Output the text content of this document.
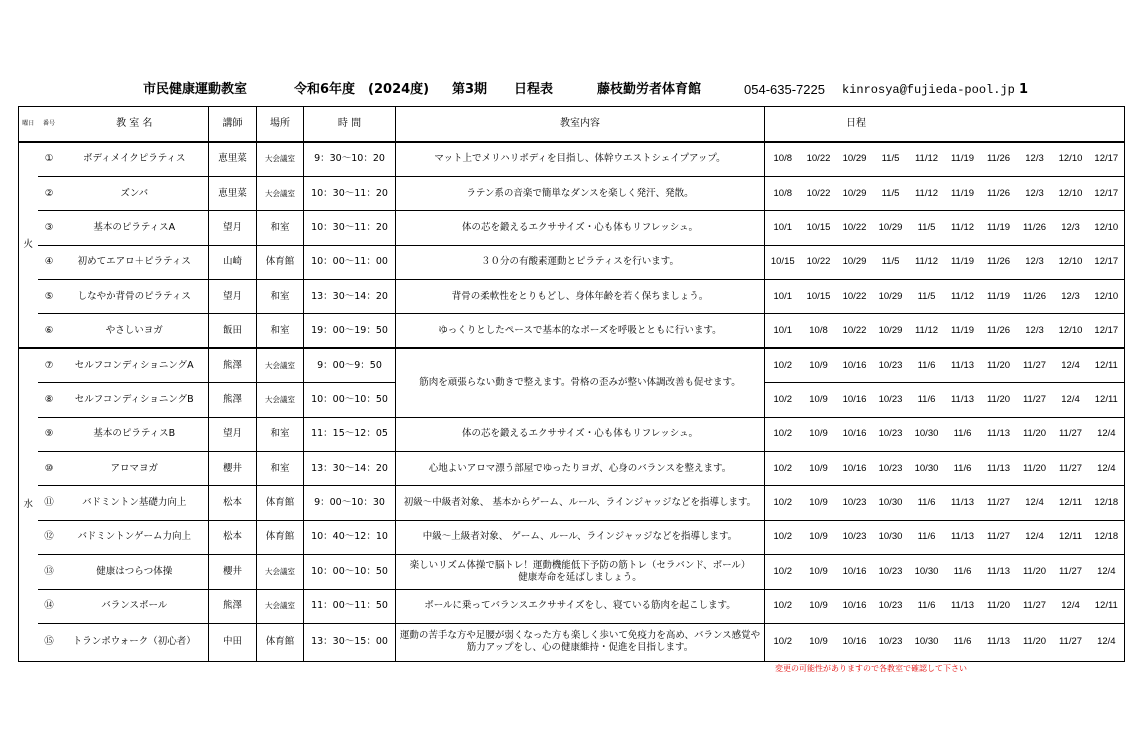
市民健康運動教室	令和6年度　(2024度) 第3期 日程表	藤枝勤労者体育館	054-635-7225 kinrosya@fujieda-pool.jp 1
曜日	番号	教 室 名	講師	場所	時 間	教室内容	日程									
火	①	ボディメイクピラティス	恵里菜	大会議室	9：30～10：20	マット上でメリハリボディを目指し、体幹ウエストシェイプアップ。	10/8	10/22	10/29	11/5	11/12	11/19	11/26	12/3	12/10	12/17
	②	ズンバ	恵里菜	大会議室	10：30～11：20	ラテン系の音楽で簡単なダンスを楽しく発汗、発散。	10/8	10/22	10/29	11/5	11/12	11/19	11/26	12/3	12/10	12/17
	③	基本のピラティスA	望月	和室	10：30～11：20	体の芯を鍛えるエクササイズ・心も体もリフレッシュ。	10/1	10/15	10/22	10/29	11/5	11/12	11/19	11/26	12/3	12/10
	④	初めてエアロ＋ピラティス	山崎	体育館	10：00～11：00	３０分の有酸素運動とピラティスを行います。	10/15	10/22	10/29	11/5	11/12	11/19	11/26	12/3	12/10	12/17
	⑤	しなやか背骨のピラティス	望月	和室	13：30～14：20	背骨の柔軟性をとりもどし、身体年齢を若く保ちましょう。	10/1	10/15	10/22	10/29	11/5	11/12	11/19	11/26	12/3	12/10
	⑥	やさしいヨガ	飯田	和室	19：00～19：50	ゆっくりとしたペースで基本的なポーズを呼吸とともに行います。	10/1	10/8	10/22	10/29	11/12	11/19	11/26	12/3	12/10	12/17
水	⑦	セルフコンディショニングA	熊澤	大会議室	9：00～9：50	筋肉を頑張らない動きで整えます。骨格の歪みが整い体調改善も促せます。	10/2	10/9	10/16	10/23	11/6	11/13	11/20	11/27	12/4	12/11
	⑧	セルフコンディショニングB	熊澤	大会議室	10：00～10：50		10/2	10/9	10/16	10/23	11/6	11/13	11/20	11/27	12/4	12/11
	⑨	基本のピラティスB	望月	和室	11：15～12：05	体の芯を鍛えるエクササイズ・心も体もリフレッシュ。	10/2	10/9	10/16	10/23	10/30	11/6	11/13	11/20	11/27	12/4
	⑩	アロマヨガ	櫻井	和室	13：30～14：20	心地よいアロマ漂う部屋でゆったりヨガ、心身のバランスを整えます。	10/2	10/9	10/16	10/23	10/30	11/6	11/13	11/20	11/27	12/4
	⑪	バドミントン基礎力向上	松本	体育館	9：00～10：30	初級～中級者対象、 基本からゲーム、ルール、ラインジャッジなどを指導します。	10/2	10/9	10/23	10/30	11/6	11/13	11/27	12/4	12/11	12/18
	⑫	バドミントンゲーム力向上	松本	体育館	10：40～12：10	中級～上級者対象、 ゲーム、ルール、ラインジャッジなどを指導します。	10/2	10/9	10/23	10/30	11/6	11/13	11/27	12/4	12/11	12/18
	⑬	健康はつらつ体操	櫻井	大会議室	10：00～10：50	楽しいリズム体操で脳トレ！運動機能低下予防の筋トレ（セラバンド、ボール）
健康寿命を延ばしましょう。	10/2	10/9	10/16	10/23	10/30	11/6	11/13	11/20	11/27	12/4
	⑭	バランスボール	熊澤	大会議室	11：00～11：50	ボールに乗ってバランスエクササイズをし、寝ている筋肉を起こします。	10/2	10/9	10/16	10/23	11/6	11/13	11/20	11/27	12/4	12/11
	⑮	トランポウォーク（初心者）	中田	体育館	13：30～15：00	運動の苦手な方や足腰が弱くなった方も楽しく歩いて免疫力を高め、バランス感覚や
筋力アップをし、心の健康維持・促進を目指します。	10/2	10/9	10/16	10/23	10/30	11/6	11/13	11/20	11/27	12/4
変更の可能性がありますので各教室で確認して下さい
